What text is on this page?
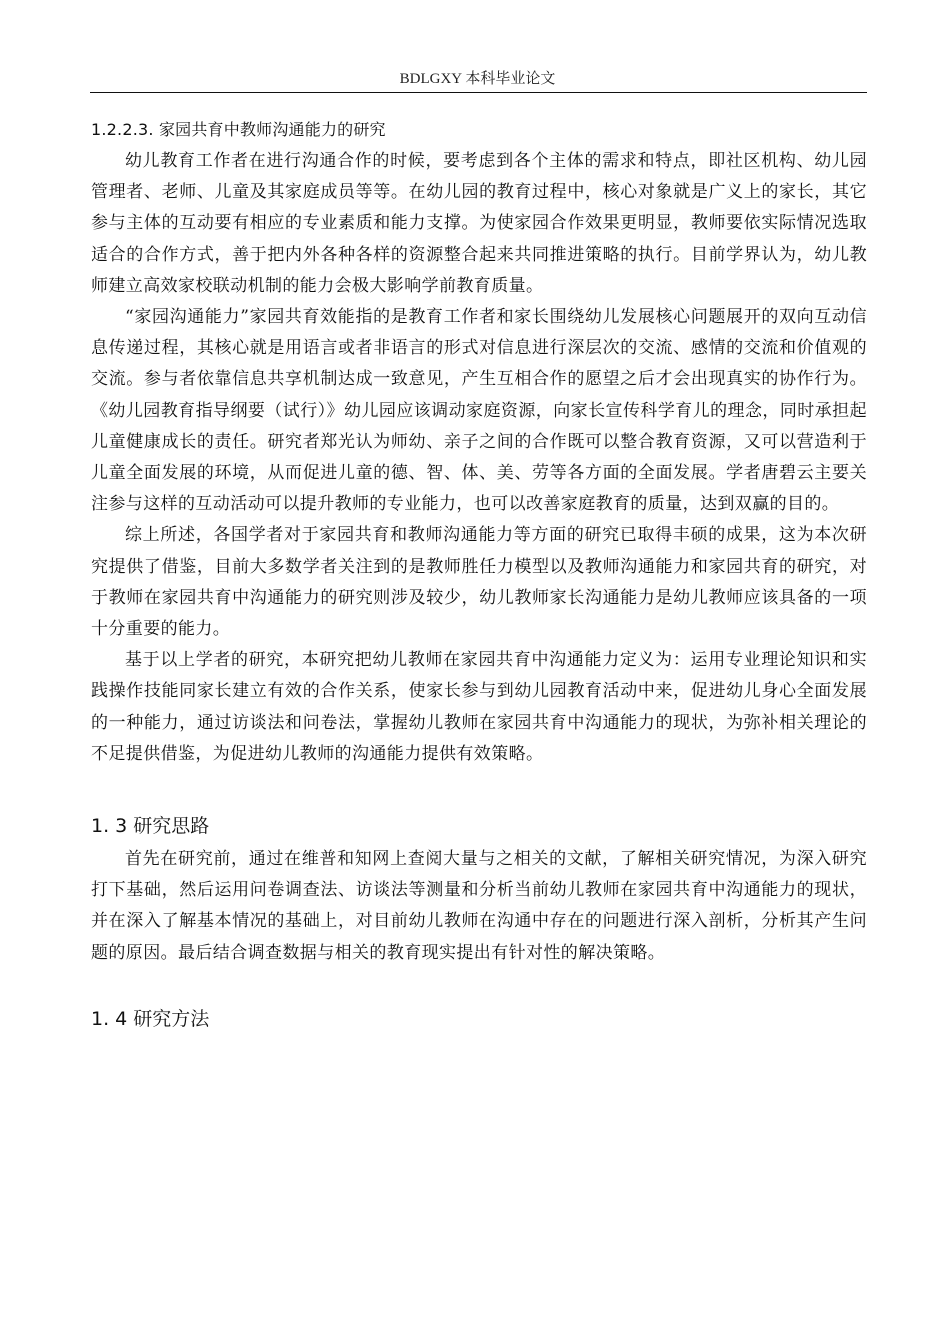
BDLGXY 本科毕业论文
1.2.2.3. 家园共育中教师沟通能力的研究

幼儿教育工作者在进行沟通合作的时候，要考虑到各个主体的需求和特点，即社区机构、幼儿园管理者、老师、儿童及其家庭成员等等。在幼儿园的教育过程中，核心对象就是广义上的家长，其它参与主体的互动要有相应的专业素质和能力支撑。为使家园合作效果更明显，教师要依实际情况选取适合的合作方式，善于把内外各种各样的资源整合起来共同推进策略的执行。目前学界认为，幼儿教师建立高效家校联动机制的能力会极大影响学前教育质量。

“家园沟通能力”家园共育效能指的是教育工作者和家长围绕幼儿发展核心问题展开的双向互动信息传递过程，其核心就是用语言或者非语言的形式对信息进行深层次的交流、感情的交流和价值观的交流。参与者依靠信息共享机制达成一致意见，产生互相合作的愿望之后才会出现真实的协作行为。《幼儿园教育指导纲要（试行）》幼儿园应该调动家庭资源，向家长宣传科学育儿的理念，同时承担起儿童健康成长的责任。研究者郑光认为师幼、亲子之间的合作既可以整合教育资源，又可以营造利于儿童全面发展的环境，从而促进儿童的德、智、体、美、劳等各方面的全面发展。学者唐碧云主要关注参与这样的互动活动可以提升教师的专业能力，也可以改善家庭教育的质量，达到双赢的目的。

综上所述，各国学者对于家园共育和教师沟通能力等方面的研究已取得丰硕的成果，这为本次研究提供了借鉴，目前大多数学者关注到的是教师胜任力模型以及教师沟通能力和家园共育的研究，对于教师在家园共育中沟通能力的研究则涉及较少，幼儿教师家长沟通能力是幼儿教师应该具备的一项十分重要的能力。

基于以上学者的研究，本研究把幼儿教师在家园共育中沟通能力定义为：运用专业理论知识和实践操作技能同家长建立有效的合作关系，使家长参与到幼儿园教育活动中来，促进幼儿身心全面发展的一种能力，通过访谈法和问卷法，掌握幼儿教师在家园共育中沟通能力的现状，为弥补相关理论的不足提供借鉴，为促进幼儿教师的沟通能力提供有效策略。

1. 3 研究思路

首先在研究前，通过在维普和知网上查阅大量与之相关的文献，了解相关研究情况，为深入研究打下基础，然后运用问卷调查法、访谈法等测量和分析当前幼儿教师在家园共育中沟通能力的现状，并在深入了解基本情况的基础上，对目前幼儿教师在沟通中存在的问题进行深入剖析，分析其产生问题的原因。最后结合调查数据与相关的教育现实提出有针对性的解决策略。

1. 4 研究方法
